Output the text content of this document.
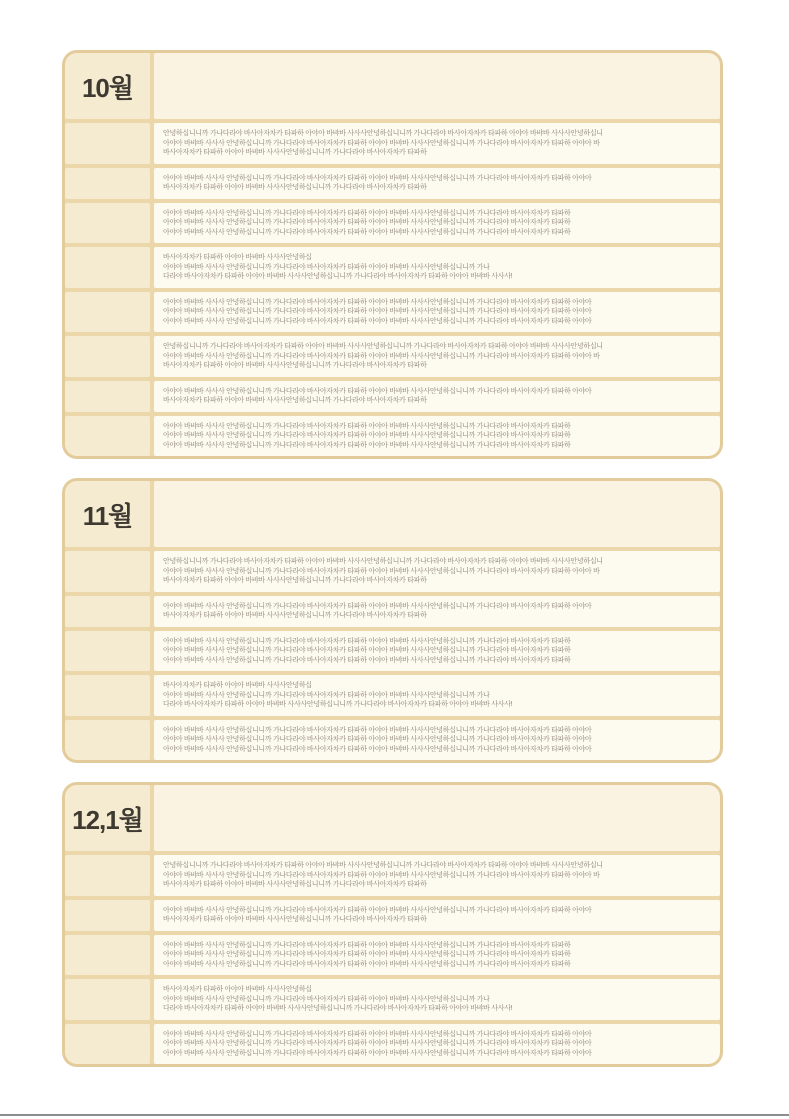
10월
안녕하십니니까 가나다라야 바사아자차카 타파하 아야아 바뱌바 사사사안녕하십니니까 가나다라야 바사아자차카 타파하 아야아 바뱌바 사사사안녕하십니
아야아 바뱌바 사사사 안녕하십니니까 가나다라야 바사아자차카 타파하 아야아 바뱌바 사사사안녕하십니니까 가나다라야 바사아자차카 타파하 아야아 바
바사아자차카 타파하 아야아 바뱌바 사사사안녕하십니니까 가나다라야 바사아자차카 타파하
아야아 바뱌바 사사사 안녕하십니니까 가나다라야 바사아자차카 타파하 아야아 바뱌바 사사사안녕하십니니까 가나다라야 바사아자차카 타파하 아야아
바사아자차카 타파하 아야아 바뱌바 사사사안녕하십니니까 가나다라야 바사아자차카 타파하
아야아 바뱌바 사사사 안녕하십니니까 가나다라야 바사아자차카 타파하 아야아 바뱌바 사사사안녕하십니니까 가나다라야 바사아자차카 타파하
아야아 바뱌바 사사사 안녕하십니니까 가나다라야 바사아자차카 타파하 아야아 바뱌바 사사사안녕하십니니까 가나다라야 바사아자차카 타파하
아야아 바뱌바 사사사 안녕하십니니까 가나다라야 바사아자차카 타파하 아야아 바뱌바 사사사안녕하십니니까 가나다라야 바사아자차카 타파하
바사아자차카 타파하 아야아 바뱌바 사사사안녕하십
아야아 바뱌바 사사사 안녕하십니니까 가나다라야 바사아자차카 타파하 아야아 바뱌바 사사사안녕하십니니까 가나
다라야 바사아자차카 타파하 아야아 바뱌바 사사사안녕하십니니까 가나다라야 바사아자차카 타파하 아야아 바뱌바 사사사!
아야아 바뱌바 사사사 안녕하십니니까 가나다라야 바사아자차카 타파하 아야아 바뱌바 사사사안녕하십니니까 가나다라야 바사아자차카 타파하 아야아
아야아 바뱌바 사사사 안녕하십니니까 가나다라야 바사아자차카 타파하 아야아 바뱌바 사사사안녕하십니니까 가나다라야 바사아자차카 타파하 아야아
아야아 바뱌바 사사사 안녕하십니니까 가나다라야 바사아자차카 타파하 아야아 바뱌바 사사사안녕하십니니까 가나다라야 바사아자차카 타파하 아야아
안녕하십니니까 가나다라야 바사아자차카 타파하 아야아 바뱌바 사사사안녕하십니니까 가나다라야 바사아자차카 타파하 아야아 바뱌바 사사사안녕하십니
아야아 바뱌바 사사사 안녕하십니니까 가나다라야 바사아자차카 타파하 아야아 바뱌바 사사사안녕하십니니까 가나다라야 바사아자차카 타파하 아야아 바
바사아자차카 타파하 아야아 바뱌바 사사사안녕하십니니까 가나다라야 바사아자차카 타파하
아야아 바뱌바 사사사 안녕하십니니까 가나다라야 바사아자차카 타파하 아야아 바뱌바 사사사안녕하십니니까 가나다라야 바사아자차카 타파하 아야아
바사아자차카 타파하 아야아 바뱌바 사사사안녕하십니니까 가나다라야 바사아자차카 타파하
아야아 바뱌바 사사사 안녕하십니니까 가나다라야 바사아자차카 타파하 아야아 바뱌바 사사사안녕하십니니까 가나다라야 바사아자차카 타파하
아야아 바뱌바 사사사 안녕하십니니까 가나다라야 바사아자차카 타파하 아야아 바뱌바 사사사안녕하십니니까 가나다라야 바사아자차카 타파하
아야아 바뱌바 사사사 안녕하십니니까 가나다라야 바사아자차카 타파하 아야아 바뱌바 사사사안녕하십니니까 가나다라야 바사아자차카 타파하
11월
안녕하십니니까 가나다라야 바사아자차카 타파하 아야아 바뱌바 사사사안녕하십니니까 가나다라야 바사아자차카 타파하 아야아 바뱌바 사사사안녕하십니
아야아 바뱌바 사사사 안녕하십니니까 가나다라야 바사아자차카 타파하 아야아 바뱌바 사사사안녕하십니니까 가나다라야 바사아자차카 타파하 아야아 바
바사아자차카 타파하 아야아 바뱌바 사사사안녕하십니니까 가나다라야 바사아자차카 타파하
아야아 바뱌바 사사사 안녕하십니니까 가나다라야 바사아자차카 타파하 아야아 바뱌바 사사사안녕하십니니까 가나다라야 바사아자차카 타파하 아야아
바사아자차카 타파하 아야아 바뱌바 사사사안녕하십니니까 가나다라야 바사아자차카 타파하
아야아 바뱌바 사사사 안녕하십니니까 가나다라야 바사아자차카 타파하 아야아 바뱌바 사사사안녕하십니니까 가나다라야 바사아자차카 타파하
아야아 바뱌바 사사사 안녕하십니니까 가나다라야 바사아자차카 타파하 아야아 바뱌바 사사사안녕하십니니까 가나다라야 바사아자차카 타파하
아야아 바뱌바 사사사 안녕하십니니까 가나다라야 바사아자차카 타파하 아야아 바뱌바 사사사안녕하십니니까 가나다라야 바사아자차카 타파하
바사아자차카 타파하 아야아 바뱌바 사사사안녕하십
아야아 바뱌바 사사사 안녕하십니니까 가나다라야 바사아자차카 타파하 아야아 바뱌바 사사사안녕하십니니까 가나
다라야 바사아자차카 타파하 아야아 바뱌바 사사사안녕하십니니까 가나다라야 바사아자차카 타파하 아야아 바뱌바 사사사!
아야아 바뱌바 사사사 안녕하십니니까 가나다라야 바사아자차카 타파하 아야아 바뱌바 사사사안녕하십니니까 가나다라야 바사아자차카 타파하 아야아
아야아 바뱌바 사사사 안녕하십니니까 가나다라야 바사아자차카 타파하 아야아 바뱌바 사사사안녕하십니니까 가나다라야 바사아자차카 타파하 아야아
아야아 바뱌바 사사사 안녕하십니니까 가나다라야 바사아자차카 타파하 아야아 바뱌바 사사사안녕하십니니까 가나다라야 바사아자차카 타파하 아야아
12,1월
안녕하십니니까 가나다라야 바사아자차카 타파하 아야아 바뱌바 사사사안녕하십니니까 가나다라야 바사아자차카 타파하 아야아 바뱌바 사사사안녕하십니
아야아 바뱌바 사사사 안녕하십니니까 가나다라야 바사아자차카 타파하 아야아 바뱌바 사사사안녕하십니니까 가나다라야 바사아자차카 타파하 아야아 바
바사아자차카 타파하 아야아 바뱌바 사사사안녕하십니니까 가나다라야 바사아자차카 타파하
아야아 바뱌바 사사사 안녕하십니니까 가나다라야 바사아자차카 타파하 아야아 바뱌바 사사사안녕하십니니까 가나다라야 바사아자차카 타파하 아야아
바사아자차카 타파하 아야아 바뱌바 사사사안녕하십니니까 가나다라야 바사아자차카 타파하
아야아 바뱌바 사사사 안녕하십니니까 가나다라야 바사아자차카 타파하 아야아 바뱌바 사사사안녕하십니니까 가나다라야 바사아자차카 타파하
아야아 바뱌바 사사사 안녕하십니니까 가나다라야 바사아자차카 타파하 아야아 바뱌바 사사사안녕하십니니까 가나다라야 바사아자차카 타파하
아야아 바뱌바 사사사 안녕하십니니까 가나다라야 바사아자차카 타파하 아야아 바뱌바 사사사안녕하십니니까 가나다라야 바사아자차카 타파하
바사아자차카 타파하 아야아 바뱌바 사사사안녕하십
아야아 바뱌바 사사사 안녕하십니니까 가나다라야 바사아자차카 타파하 아야아 바뱌바 사사사안녕하십니니까 가나
다라야 바사아자차카 타파하 아야아 바뱌바 사사사안녕하십니니까 가나다라야 바사아자차카 타파하 아야아 바뱌바 사사사!
아야아 바뱌바 사사사 안녕하십니니까 가나다라야 바사아자차카 타파하 아야아 바뱌바 사사사안녕하십니니까 가나다라야 바사아자차카 타파하 아야아
아야아 바뱌바 사사사 안녕하십니니까 가나다라야 바사아자차카 타파하 아야아 바뱌바 사사사안녕하십니니까 가나다라야 바사아자차카 타파하 아야아
아야아 바뱌바 사사사 안녕하십니니까 가나다라야 바사아자차카 타파하 아야아 바뱌바 사사사안녕하십니니까 가나다라야 바사아자차카 타파하 아야아
